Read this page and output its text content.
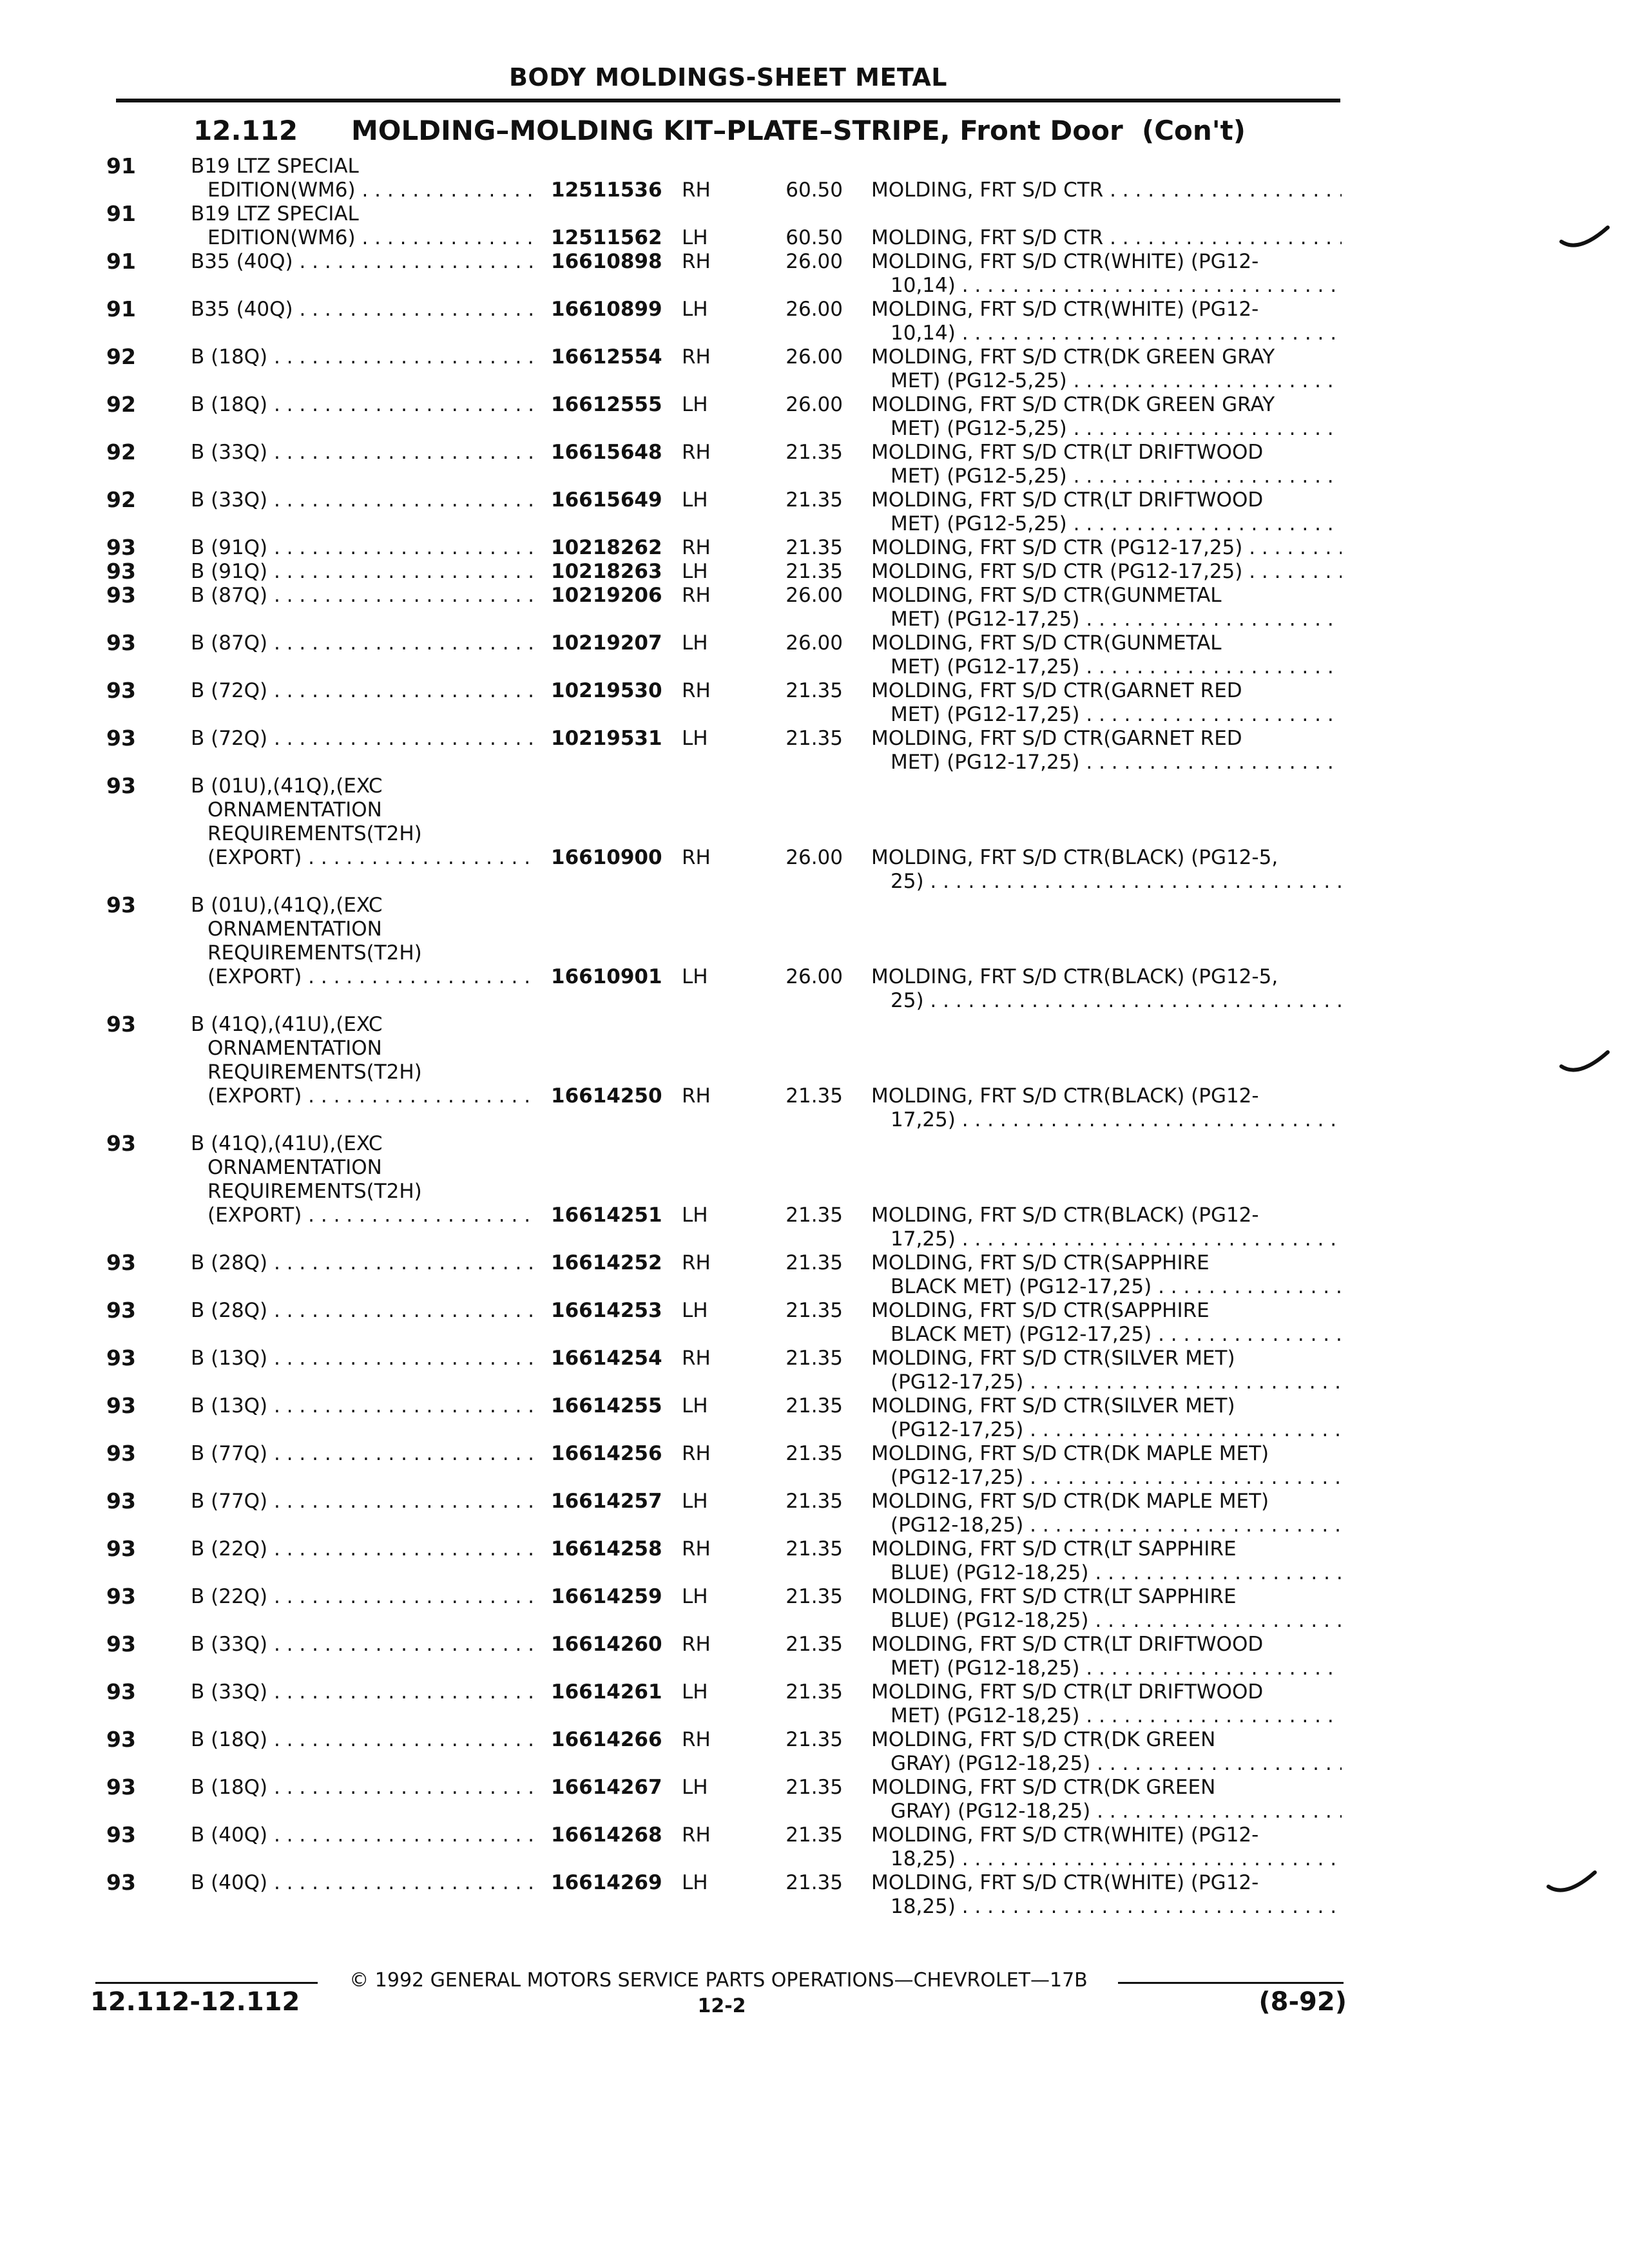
BODY MOLDINGS-SHEET METAL
12.112 MOLDING–MOLDING KIT–PLATE–STRIPE, Front Door (Con't)
91	B19 LTZ SPECIAL
EDITION(WM6) . . .	12511536 RH	60.50 MOLDING, FRT S/D CTR . . .
91	B19 LTZ SPECIAL
EDITION(WM6) . . .	12511562 LH	60.50 MOLDING, FRT S/D CTR . . .
91	B35 (40Q) . . .	16610898 RH	26.00 MOLDING, FRT S/D CTR(WHITE) (PG12-
10,14) . . .
91	B35 (40Q) . . .	16610899 LH	26.00 MOLDING, FRT S/D CTR(WHITE) (PG12-
10,14) . . .
92	B (18Q) . . .	16612554 RH	26.00 MOLDING, FRT S/D CTR(DK GREEN GRAY
MET) (PG12-5,25) . . .
92	B (18Q) . . .	16612555 LH	26.00 MOLDING, FRT S/D CTR(DK GREEN GRAY
MET) (PG12-5,25) . . .
92	B (33Q) . . .	16615648 RH	21.35 MOLDING, FRT S/D CTR(LT DRIFTWOOD
MET) (PG12-5,25) . . .
92	B (33Q) . . .	16615649 LH	21.35 MOLDING, FRT S/D CTR(LT DRIFTWOOD
MET) (PG12-5,25) . . .
93	B (91Q) . . .	10218262 RH	21.35 MOLDING, FRT S/D CTR (PG12-17,25) . . .
93	B (91Q) . . .	10218263 LH	21.35 MOLDING, FRT S/D CTR (PG12-17,25) . . .
93	B (87Q) . . .	10219206 RH	26.00 MOLDING, FRT S/D CTR(GUNMETAL
MET) (PG12-17,25) . . .
93	B (87Q) . . .	10219207 LH	26.00 MOLDING, FRT S/D CTR(GUNMETAL
MET) (PG12-17,25) . . .
93	B (72Q) . . .	10219530 RH	21.35 MOLDING, FRT S/D CTR(GARNET RED
MET) (PG12-17,25) . . .
93	B (72Q) . . .	10219531 LH	21.35 MOLDING, FRT S/D CTR(GARNET RED
MET) (PG12-17,25) . . .
93	B (01U),(41Q),(EXC
ORNAMENTATION
REQUIREMENTS(T2H)
(EXPORT) . . .	16610900 RH	26.00 MOLDING, FRT S/D CTR(BLACK) (PG12-5,
25) . . .
93	B (01U),(41Q),(EXC
ORNAMENTATION
REQUIREMENTS(T2H)
(EXPORT) . . .	16610901 LH	26.00 MOLDING, FRT S/D CTR(BLACK) (PG12-5,
25) . . .
93	B (41Q),(41U),(EXC
ORNAMENTATION
REQUIREMENTS(T2H)
(EXPORT) . . .	16614250 RH	21.35 MOLDING, FRT S/D CTR(BLACK) (PG12-
17,25) . . .
93	B (41Q),(41U),(EXC
ORNAMENTATION
REQUIREMENTS(T2H)
(EXPORT) . . .	16614251 LH	21.35 MOLDING, FRT S/D CTR(BLACK) (PG12-
17,25) . . .
93	B (28Q) . . .	16614252 RH	21.35 MOLDING, FRT S/D CTR(SAPPHIRE
BLACK MET) (PG12-17,25) . . .
93	B (28Q) . . .	16614253 LH	21.35 MOLDING, FRT S/D CTR(SAPPHIRE
BLACK MET) (PG12-17,25) . . .
93	B (13Q) . . .	16614254 RH	21.35 MOLDING, FRT S/D CTR(SILVER MET)
(PG12-17,25) . . .
93	B (13Q) . . .	16614255 LH	21.35 MOLDING, FRT S/D CTR(SILVER MET)
(PG12-17,25) . . .
93	B (77Q) . . .	16614256 RH	21.35 MOLDING, FRT S/D CTR(DK MAPLE MET)
(PG12-17,25) . . .
93	B (77Q) . . .	16614257 LH	21.35 MOLDING, FRT S/D CTR(DK MAPLE MET)
(PG12-18,25) . . .
93	B (22Q) . . .	16614258 RH	21.35 MOLDING, FRT S/D CTR(LT SAPPHIRE
BLUE) (PG12-18,25) . . .
93	B (22Q) . . .	16614259 LH	21.35 MOLDING, FRT S/D CTR(LT SAPPHIRE
BLUE) (PG12-18,25) . . .
93	B (33Q) . . .	16614260 RH	21.35 MOLDING, FRT S/D CTR(LT DRIFTWOOD
MET) (PG12-18,25) . . .
93	B (33Q) . . .	16614261 LH	21.35 MOLDING, FRT S/D CTR(LT DRIFTWOOD
MET) (PG12-18,25) . . .
93	B (18Q) . . .	16614266 RH	21.35 MOLDING, FRT S/D CTR(DK GREEN
GRAY) (PG12-18,25) . . .
93	B (18Q) . . .	16614267 LH	21.35 MOLDING, FRT S/D CTR(DK GREEN
GRAY) (PG12-18,25) . . .
93	B (40Q) . . .	16614268 RH	21.35 MOLDING, FRT S/D CTR(WHITE) (PG12-
18,25) . . .
93	B (40Q) . . .	16614269 LH	21.35 MOLDING, FRT S/D CTR(WHITE) (PG12-
18,25) . . .
© 1992 GENERAL MOTORS SERVICE PARTS OPERATIONS—CHEVROLET—17B
12.112-12.112	12-2	(8-92)
